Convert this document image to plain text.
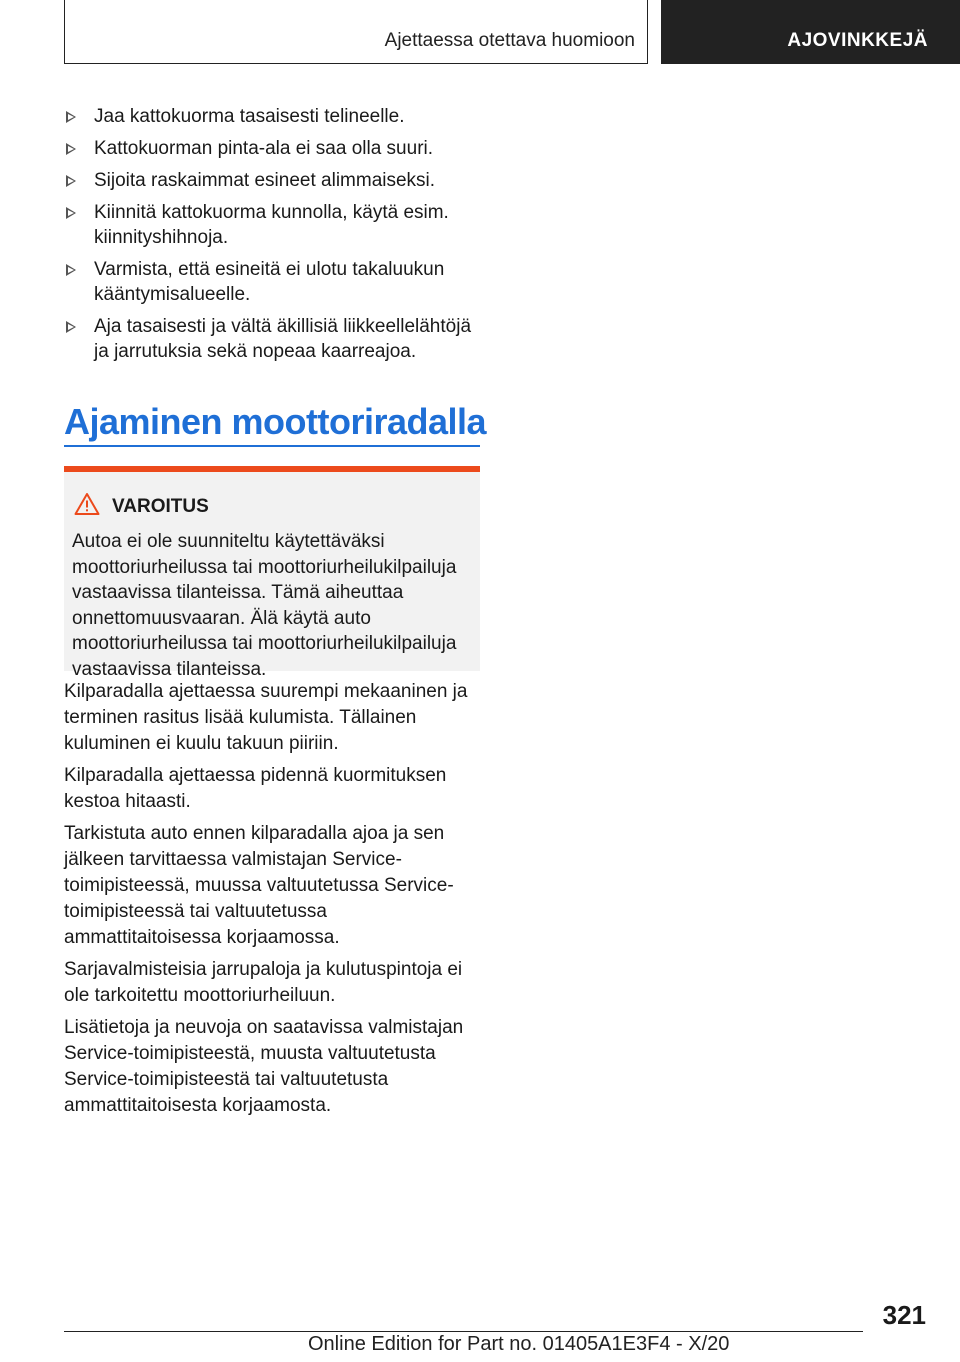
Ajettaessa otettava huomioon	AJOVINKKEJÄ
Jaa kattokuorma tasaisesti telineelle.
Kattokuorman pinta-ala ei saa olla suuri.
Sijoita raskaimmat esineet alimmaiseksi.
Kiinnitä kattokuorma kunnolla, käytä esim. kiinnityshihnoja.
Varmista, että esineitä ei ulotu takaluukun kääntymisalueelle.
Aja tasaisesti ja vältä äkillisiä liikkeellelähtöjä ja jarrutuksia sekä nopeaa kaarreajoa.
Ajaminen moottoriradalla
VAROITUS
Autoa ei ole suunniteltu käytettäväksi moottoriurheilussa tai moottoriurheilukilpailuja vastaavissa tilanteissa. Tämä aiheuttaa onnettomuusvaaran. Älä käytä auto moottoriurheilussa tai moottoriurheilukilpailuja vastaavissa tilanteissa.

Kilparadalla ajettaessa suurempi mekaaninen ja terminen rasitus lisää kulumista. Tällainen kuluminen ei kuulu takuun piiriin.

Kilparadalla ajettaessa pidennä kuormituksen kestoa hitaasti.

Tarkistuta auto ennen kilparadalla ajoa ja sen jälkeen tarvittaessa valmistajan Service-toimipisteessä, muussa valtuutetussa Service-toimipisteessä tai valtuutetussa ammattitaitoisessa korjaamossa.

Sarjavalmisteisia jarrupaloja ja kulutuspintoja ei ole tarkoitettu moottoriurheiluun.

Lisätietoja ja neuvoja on saatavissa valmistajan Service-toimipisteestä, muusta valtuutetusta Service-toimipisteestä tai valtuutetusta ammattitaitoisesta korjaamosta.

321
Online Edition for Part no. 01405A1E3F4 - X/20
